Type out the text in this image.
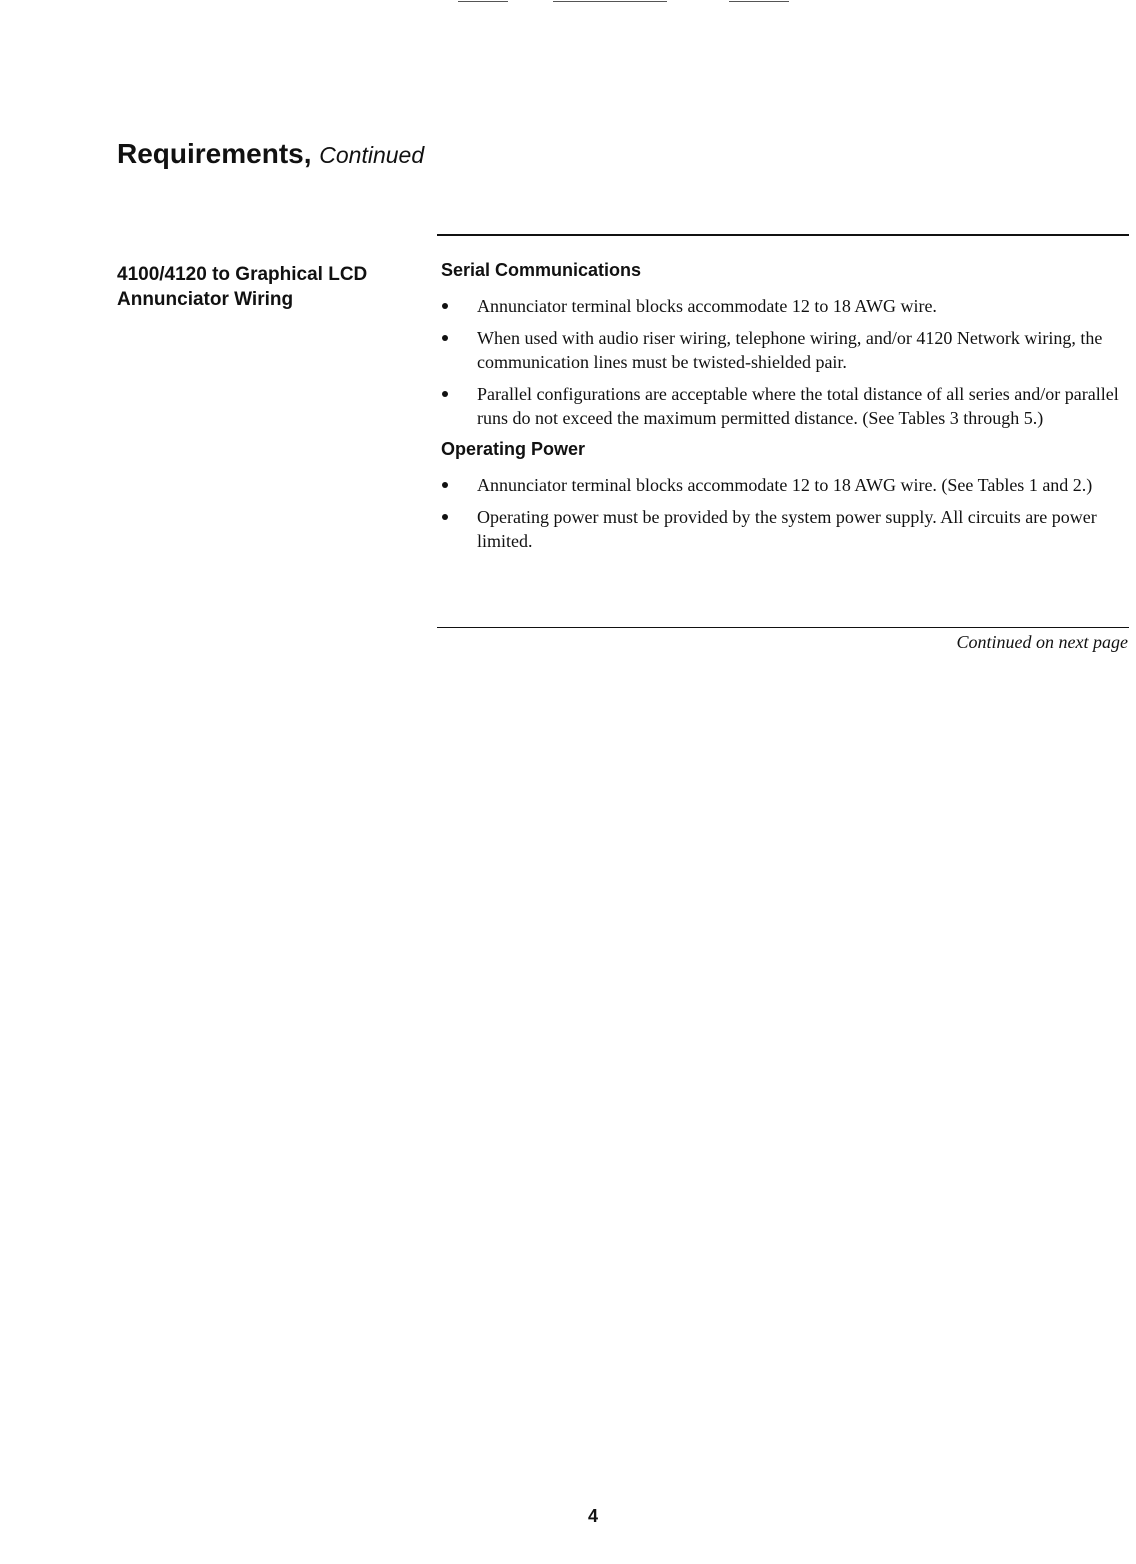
Requirements, Continued
4100/4120 to Graphical LCD
Annunciator Wiring
Serial Communications
Annunciator terminal blocks accommodate 12 to 18 AWG wire.
When used with audio riser wiring, telephone wiring, and/or 4120 Network wiring, the communication lines must be twisted-shielded pair.
Parallel configurations are acceptable where the total distance of all series and/or parallel runs do not exceed the maximum permitted distance. (See Tables 3 through 5.)
Operating Power
Annunciator terminal blocks accommodate 12 to 18 AWG wire. (See Tables 1 and 2.)
Operating power must be provided by the system power supply. All circuits are power limited.
Continued on next page
4
